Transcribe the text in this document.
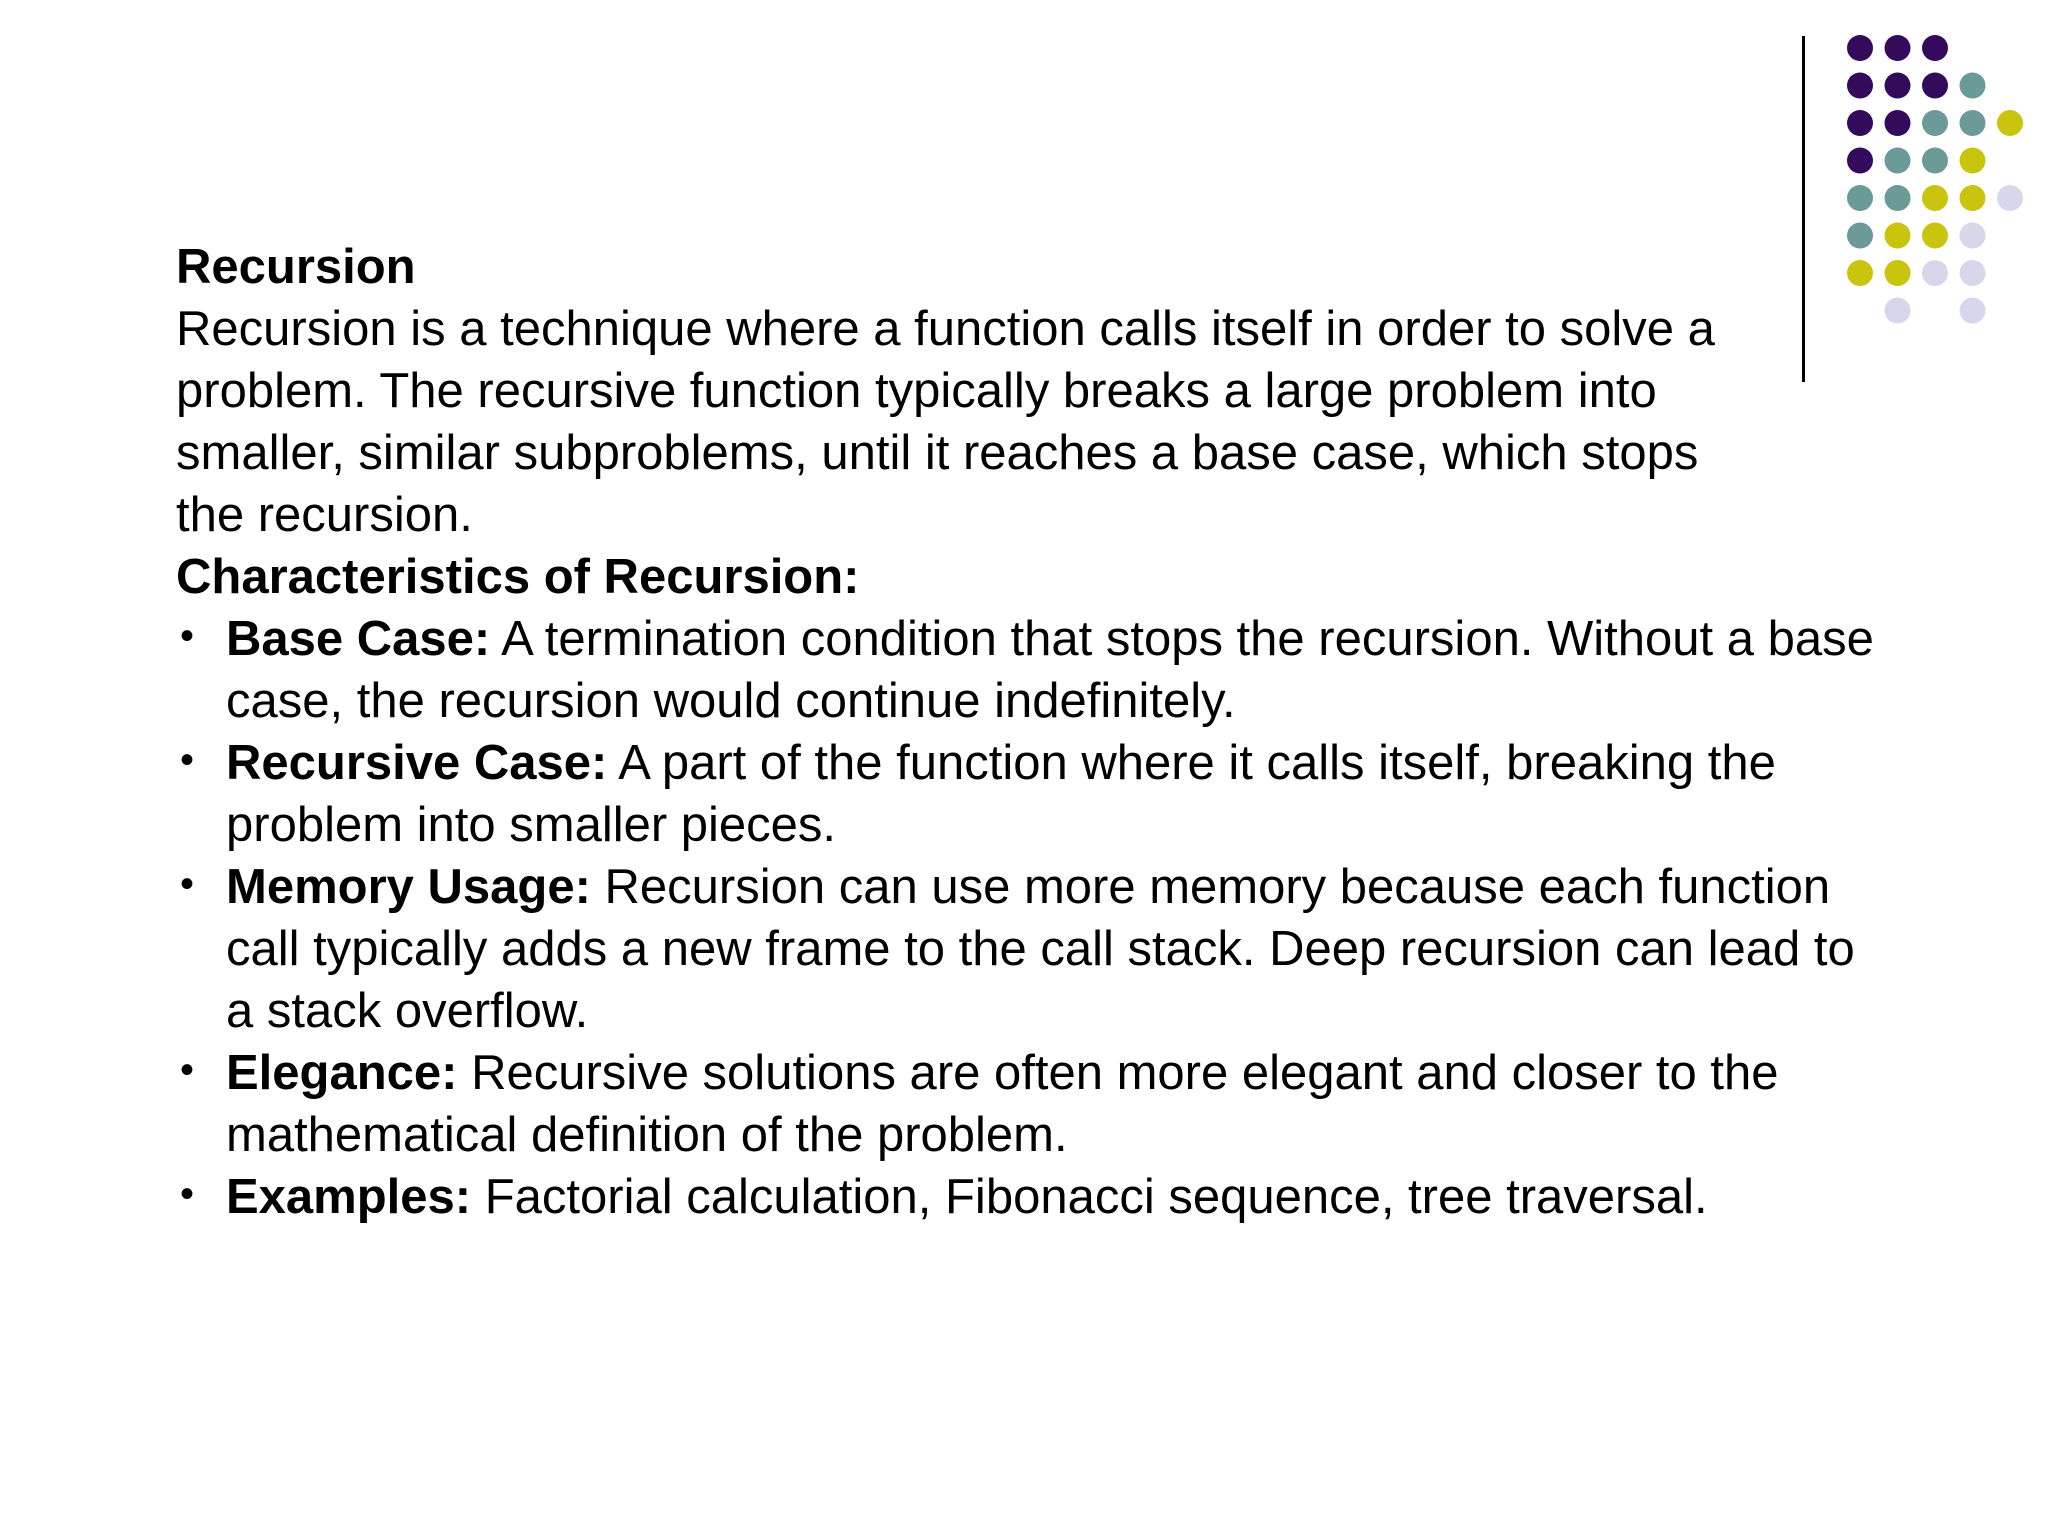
Recursion
Recursion is a technique where a function calls itself in order to solve a
problem. The recursive function typically breaks a large problem into
smaller, similar subproblems, until it reaches a base case, which stops
the recursion.
Characteristics of Recursion:
• Base Case: A termination condition that stops the recursion. Without a base case, the recursion would continue indefinitely.
• Recursive Case: A part of the function where it calls itself, breaking the problem into smaller pieces.
• Memory Usage: Recursion can use more memory because each function call typically adds a new frame to the call stack. Deep recursion can lead to a stack overflow.
• Elegance: Recursive solutions are often more elegant and closer to the mathematical definition of the problem.
• Examples: Factorial calculation, Fibonacci sequence, tree traversal.
